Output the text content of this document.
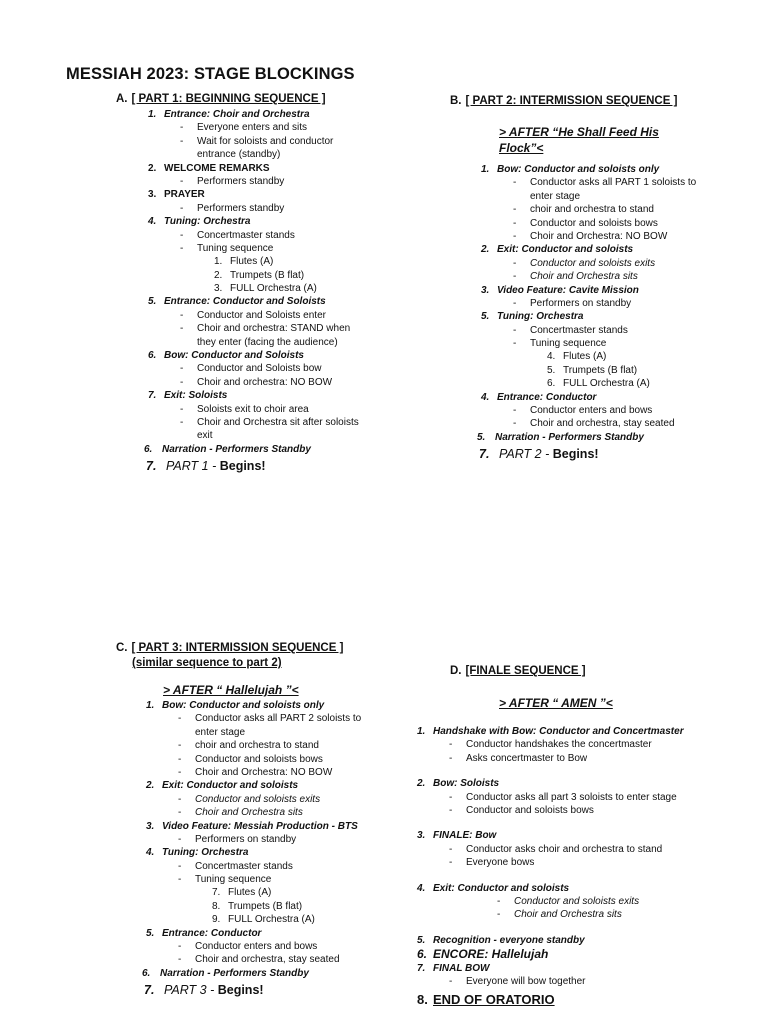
MESSIAH 2023: STAGE BLOCKINGS
A. [ PART 1: BEGINNING SEQUENCE ]
1. Entrance: Choir and Orchestra
- Everyone enters and sits
- Wait for soloists and conductor
entrance (standby)
2. WELCOME REMARKS
- Performers standby
3. PRAYER
- Performers standby
4. Tuning: Orchestra
- Concertmaster stands
- Tuning sequence
1. Flutes (A)
2. Trumpets (B flat)
3. FULL Orchestra (A)
5. Entrance: Conductor and Soloists
- Conductor and Soloists enter
- Choir and orchestra: STAND when
they enter (facing the audience)
6. Bow: Conductor and Soloists
- Conductor and Soloists bow
- Choir and orchestra: NO BOW
7. Exit: Soloists
- Soloists exit to choir area
- Choir and Orchestra sit after soloists
exit
6. Narration - Performers Standby
7. PART 1 - Begins!
B. [ PART 2: INTERMISSION SEQUENCE ]
> AFTER “He Shall Feed His
Flock”<
1. Bow: Conductor and soloists only
- Conductor asks all PART 1 soloists to
enter stage
- choir and orchestra to stand
- Conductor and soloists bows
- Choir and Orchestra: NO BOW
2. Exit: Conductor and soloists
- Conductor and soloists exits
- Choir and Orchestra sits
3. Video Feature: Cavite Mission
- Performers on standby
5. Tuning: Orchestra
- Concertmaster stands
- Tuning sequence
4. Flutes (A)
5. Trumpets (B flat)
6. FULL Orchestra (A)
4. Entrance: Conductor
- Conductor enters and bows
- Choir and orchestra, stay seated
5. Narration - Performers Standby
7. PART 2 - Begins!
C. [ PART 3: INTERMISSION SEQUENCE ]
(similar sequence to part 2)
> AFTER “ Hallelujah ”<
1. Bow: Conductor and soloists only
- Conductor asks all PART 2 soloists to
enter stage
- choir and orchestra to stand
- Conductor and soloists bows
- Choir and Orchestra: NO BOW
2. Exit: Conductor and soloists
- Conductor and soloists exits
- Choir and Orchestra sits
3. Video Feature: Messiah Production - BTS
- Performers on standby
4. Tuning: Orchestra
- Concertmaster stands
- Tuning sequence
7. Flutes (A)
8. Trumpets (B flat)
9. FULL Orchestra (A)
5. Entrance: Conductor
- Conductor enters and bows
- Choir and orchestra, stay seated
6. Narration - Performers Standby
7. PART 3 - Begins!
D. [FINALE SEQUENCE ]
> AFTER “ AMEN ”<
1. Handshake with Bow: Conductor and Concertmaster
- Conductor handshakes the concertmaster
- Asks concertmaster to Bow
2. Bow: Soloists
- Conductor asks all part 3 soloists to enter stage
- Conductor and soloists bows
3. FINALE: Bow
- Conductor asks choir and orchestra to stand
- Everyone bows
4. Exit: Conductor and soloists
- Conductor and soloists exits
- Choir and Orchestra sits
5. Recognition - everyone standby
6. ENCORE: Hallelujah
7. FINAL BOW
- Everyone will bow together
8. END OF ORATORIO
